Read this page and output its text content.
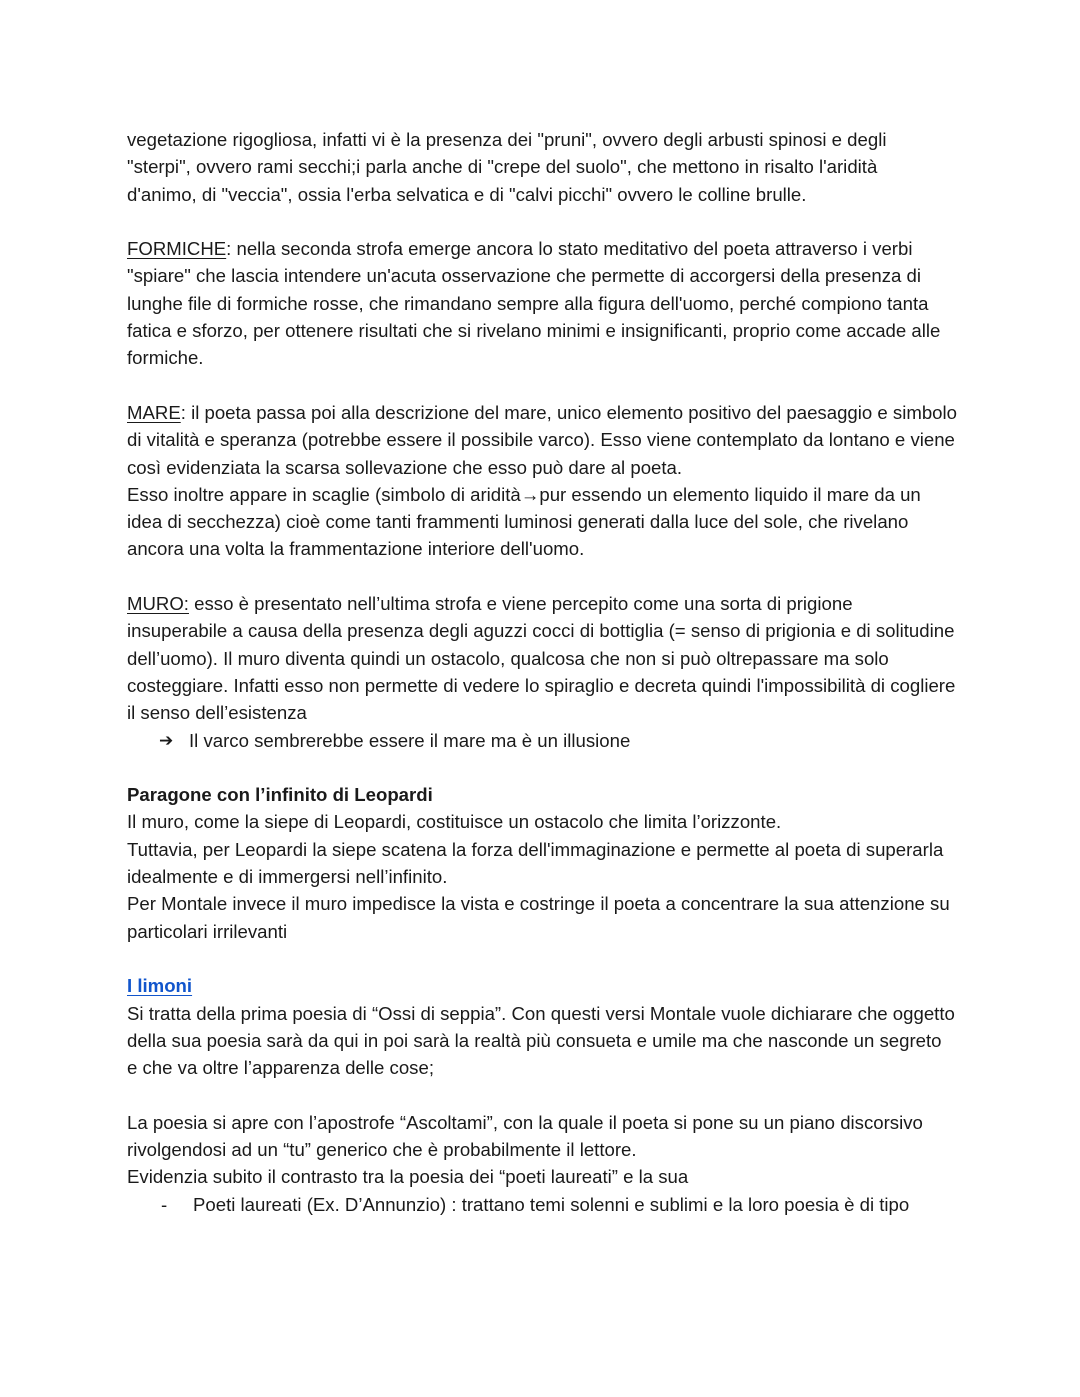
vegetazione rigogliosa, infatti vi è la presenza dei "pruni", ovvero degli arbusti spinosi e degli
"sterpi", ovvero rami secchi;i parla anche di "crepe del suolo", che mettono in risalto l'aridità
d'animo, di "veccia", ossia l'erba selvatica e di "calvi picchi" ovvero le colline brulle.

FORMICHE: nella seconda strofa emerge ancora lo stato meditativo del poeta attraverso i verbi "spiare" che lascia intendere un'acuta osservazione che permette di accorgersi della presenza di lunghe file di formiche rosse, che rimandano sempre alla figura dell'uomo, perché compiono tanta fatica e sforzo, per ottenere risultati che si rivelano minimi e insignificanti, proprio come accade alle formiche.

MARE: il poeta passa poi alla descrizione del mare, unico elemento positivo del paesaggio e simbolo di vitalità e speranza (potrebbe essere il possibile varco). Esso viene contemplato da lontano e viene così evidenziata la scarsa sollevazione che esso può dare al poeta.

Esso inoltre appare in scaglie (simbolo di aridità→pur essendo un elemento liquido il mare da un idea di secchezza) cioè come tanti frammenti luminosi generati dalla luce del sole, che rivelano ancora una volta la frammentazione interiore dell'uomo.

MURO: esso è presentato nell’ultima strofa e viene percepito come una sorta di prigione insuperabile a causa della presenza degli aguzzi cocci di bottiglia (= senso di prigionia e di solitudine dell’uomo). Il muro diventa quindi un ostacolo, qualcosa che non si può oltrepassare ma solo costeggiare. Infatti esso non permette di vedere lo spiraglio e decreta quindi l'impossibilità di cogliere il senso dell’esistenza

➔ Il varco sembrerebbe essere il mare ma è un illusione

Paragone con l’infinito di Leopardi

Il muro, come la siepe di Leopardi, costituisce un ostacolo che limita l’orizzonte.

Tuttavia, per Leopardi la siepe scatena la forza dell'immaginazione e permette al poeta di superarla idealmente e di immergersi nell’infinito.

Per Montale invece il muro impedisce la vista e costringe il poeta a concentrare la sua attenzione su particolari irrilevanti

I limoni

Si tratta della prima poesia di “Ossi di seppia”. Con questi versi Montale vuole dichiarare che oggetto della sua poesia sarà da qui in poi sarà la realtà più consueta e umile ma che nasconde un segreto e che va oltre l’apparenza delle cose;

La poesia si apre con l’apostrofe “Ascoltami”, con la quale il poeta si pone su un piano discorsivo rivolgendosi ad un “tu” generico che è probabilmente il lettore.

Evidenzia subito il contrasto tra la poesia dei “poeti laureati” e la sua

-	Poeti laureati (Ex. D’Annunzio) : trattano temi solenni e sublimi e la loro poesia è di tipo
